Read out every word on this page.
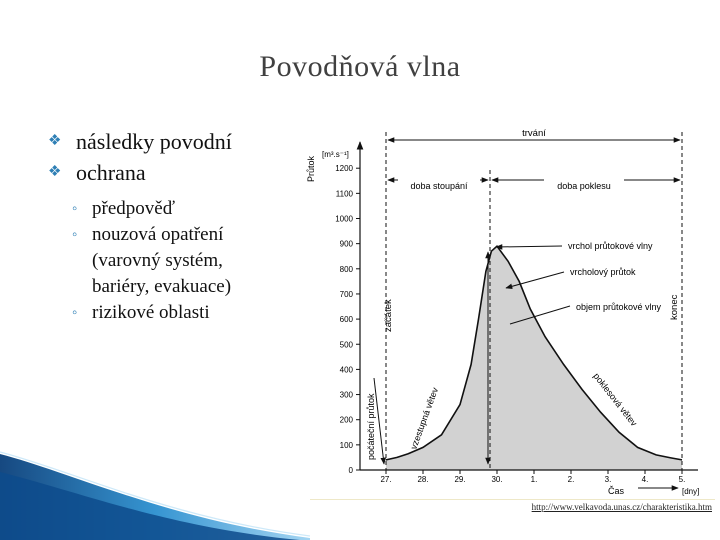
Povodňová vlna
❖ následky povodní
❖ ochrana
◦ předpověď
◦ nouzová opatření
(varovný systém,
bariéry, evakuace)
◦ rizikové oblasti
0
100
200
300
400
500
600
700
800
900
1000
1100
1200
27.	28.	29.	30.	1.	2.	3.	4.	5.
Průtok
[m³.s⁻¹]
Čas	[dny]
trvání
doba stoupání	doba poklesu
vrchol průtokové vlny
vrcholový průtok
objem průtokové vlny
začátek	konec
počáteční průtok	vzestupná větev	poklesová větev
http://www.velkavoda.unas.cz/charakteristika.htm
